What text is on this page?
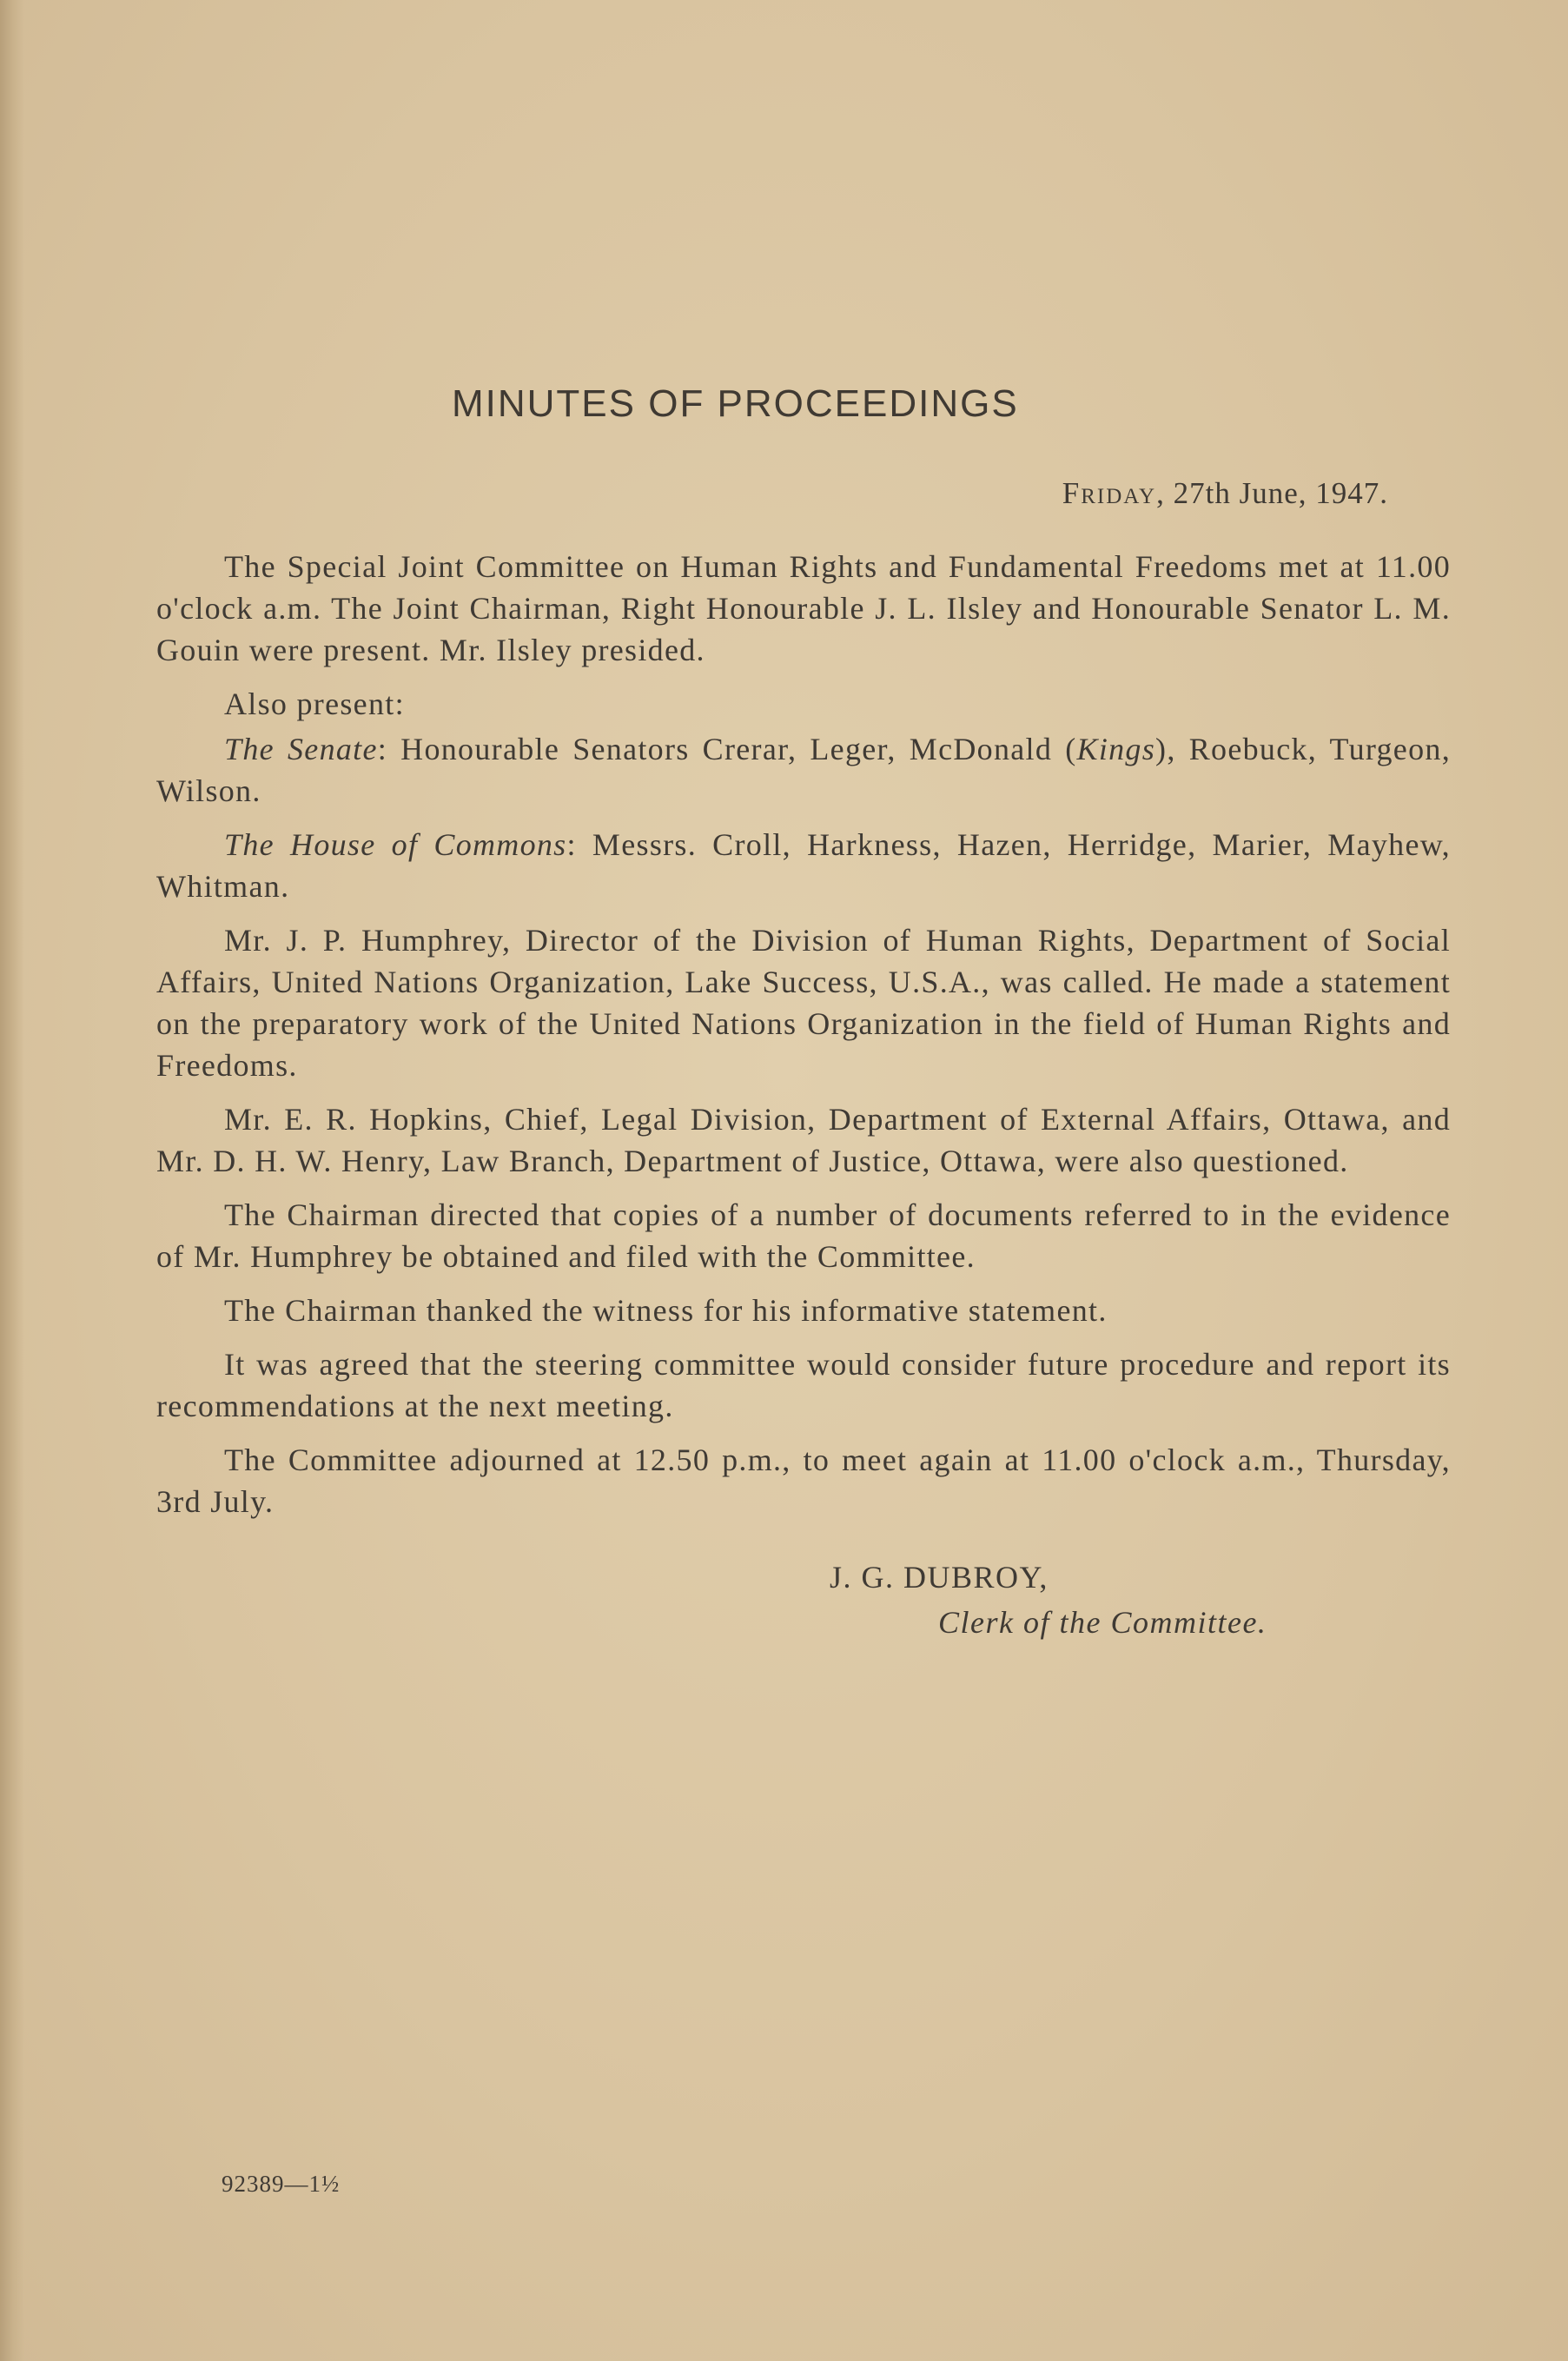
MINUTES OF PROCEEDINGS
Friday, 27th June, 1947.

The Special Joint Committee on Human Rights and Fundamental Freedoms met at 11.00 o'clock a.m. The Joint Chairman, Right Honourable J. L. Ilsley and Honourable Senator L. M. Gouin were present. Mr. Ilsley presided.

Also present:

The Senate: Honourable Senators Crerar, Leger, McDonald (Kings), Roebuck, Turgeon, Wilson.

The House of Commons: Messrs. Croll, Harkness, Hazen, Herridge, Marier, Mayhew, Whitman.

Mr. J. P. Humphrey, Director of the Division of Human Rights, Department of Social Affairs, United Nations Organization, Lake Success, U.S.A., was called. He made a statement on the preparatory work of the United Nations Organization in the field of Human Rights and Freedoms.

Mr. E. R. Hopkins, Chief, Legal Division, Department of External Affairs, Ottawa, and Mr. D. H. W. Henry, Law Branch, Department of Justice, Ottawa, were also questioned.

The Chairman directed that copies of a number of documents referred to in the evidence of Mr. Humphrey be obtained and filed with the Committee.

The Chairman thanked the witness for his informative statement.

It was agreed that the steering committee would consider future procedure and report its recommendations at the next meeting.

The Committee adjourned at 12.50 p.m., to meet again at 11.00 o'clock a.m., Thursday, 3rd July.

J. G. DUBROY,
Clerk of the Committee.
92389—1½
